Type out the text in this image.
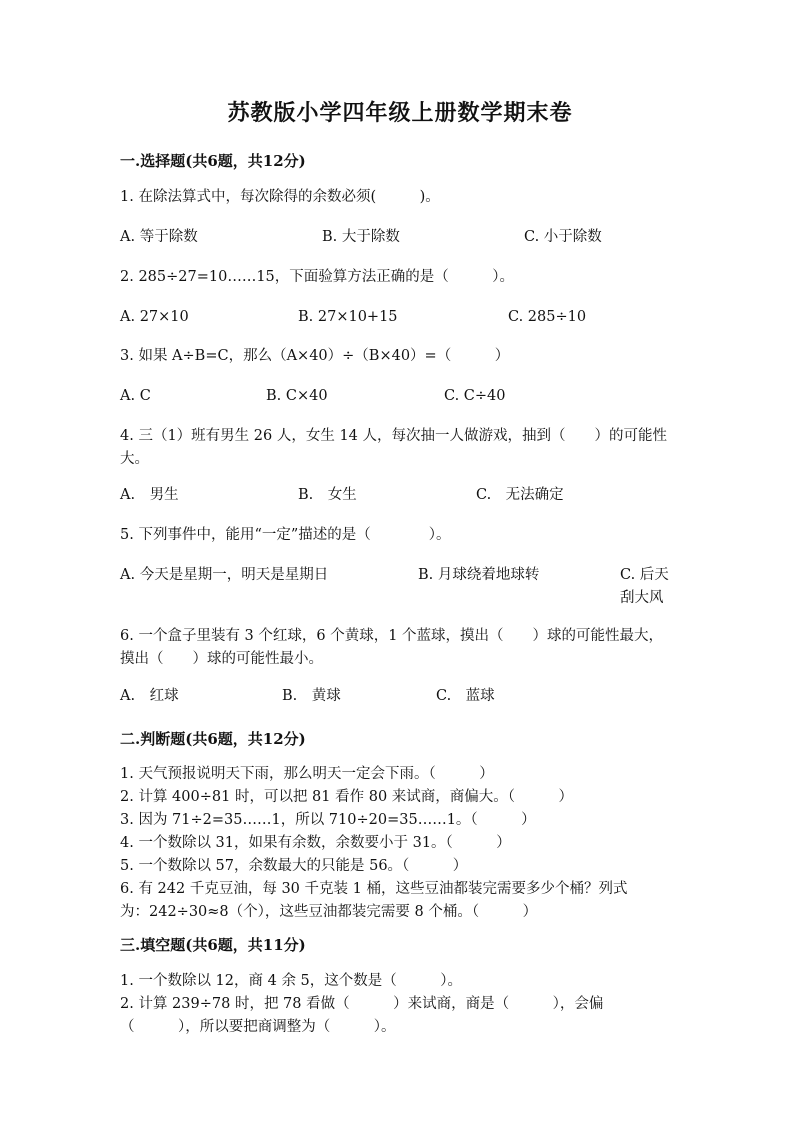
苏教版小学四年级上册数学期末卷
一.选择题(共6题，共12分)
1. 在除法算式中，每次除得的余数必须(　　　)。
A. 等于除数	B. 大于除数	C. 小于除数
2. 285÷27=10……15，下面验算方法正确的是（　　　）。
A. 27×10	B. 27×10+15	C. 285÷10
3. 如果 A÷B=C，那么（A×40）÷（B×40）=（　　　）
A. C	B. C×40	C. C÷40
4. 三（1）班有男生 26 人，女生 14 人，每次抽一人做游戏，抽到（　　）的可能性大。
A.　男生	B.　女生	C.　无法确定
5. 下列事件中，能用“一定”描述的是（　　　　）。
A. 今天是星期一，明天是星期日	B. 月球绕着地球转	C. 后天刮大风
6. 一个盒子里装有 3 个红球，6 个黄球，1 个蓝球，摸出（　　）球的可能性最大，摸出（　　）球的可能性最小。
A.　红球	B.　黄球	C.　蓝球
二.判断题(共6题，共12分)
1. 天气预报说明天下雨，那么明天一定会下雨。（　　　）
2. 计算 400÷81 时，可以把 81 看作 80 来试商，商偏大。（　　　）
3. 因为 71÷2=35……1，所以 710÷20=35……1。（　　　）
4. 一个数除以 31，如果有余数，余数要小于 31。（　　　）
5. 一个数除以 57，余数最大的只能是 56。（　　　）
6. 有 242 千克豆油，每 30 千克装 1 桶，这些豆油都装完需要多少个桶？列式
为：242÷30≈8（个），这些豆油都装完需要 8 个桶。（　　　）
三.填空题(共6题，共11分)
1. 一个数除以 12，商 4 余 5，这个数是（　　　）。
2. 计算 239÷78 时，把 78 看做（　　　）来试商，商是（　　　），会偏
（　　　），所以要把商调整为（　　　）。
